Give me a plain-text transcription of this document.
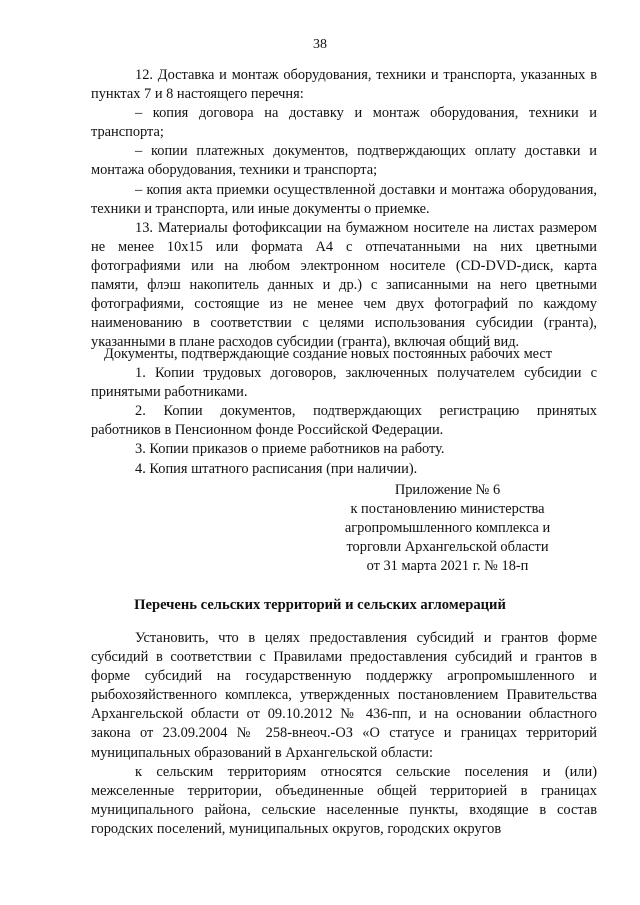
38

12. Доставка и монтаж оборудования, техники и транспорта, указанных в пунктах 7 и 8 настоящего перечня:

– копия договора на доставку и монтаж оборудования, техники и транспорта;

– копии платежных документов, подтверждающих оплату доставки и монтажа оборудования, техники и транспорта;

– копия акта приемки осуществленной доставки и монтажа оборудования, техники и транспорта, или иные документы о приемке.

13. Материалы фотофиксации на бумажном носителе на листах размером не менее 10х15 или формата А4 с отпечатанными на них цветными фотографиями или на любом электронном носителе (CD-DVD-диск, карта памяти, флэш накопитель данных и др.) с записанными на него цветными фотографиями, состоящие из не менее чем двух фотографий по каждому наименованию в соответствии с целями использования субсидии (гранта), указанными в плане расходов субсидии (гранта), включая общий вид.

Документы, подтверждающие создание новых постоянных рабочих мест

1. Копии трудовых договоров, заключенных получателем субсидии с принятыми работниками.

2. Копии документов, подтверждающих регистрацию принятых работников в Пенсионном фонде Российской Федерации.

3. Копии приказов о приеме работников на работу.

4. Копия штатного расписания (при наличии).

Приложение № 6
к постановлению министерства
агропромышленного комплекса и
торговли Архангельской области
от 31 марта 2021 г. № 18-п
Перечень сельских территорий и сельских агломераций

Установить, что в целях предоставления субсидий и грантов форме субсидий в соответствии с Правилами предоставления субсидий и грантов в форме субсидий на государственную поддержку агропромышленного и рыбохозяйственного комплекса, утвержденных постановлением Правительства Архангельской области от 09.10.2012 № 436-пп, и на основании областного закона от 23.09.2004 № 258-внеоч.-ОЗ «О статусе и границах территорий муниципальных образований в Архангельской области:

к сельским территориям относятся сельские поселения и (или) межселенные территории, объединенные общей территорией в границах муниципального района, сельские населенные пункты, входящие в состав городских поселений, муниципальных округов, городских округов
